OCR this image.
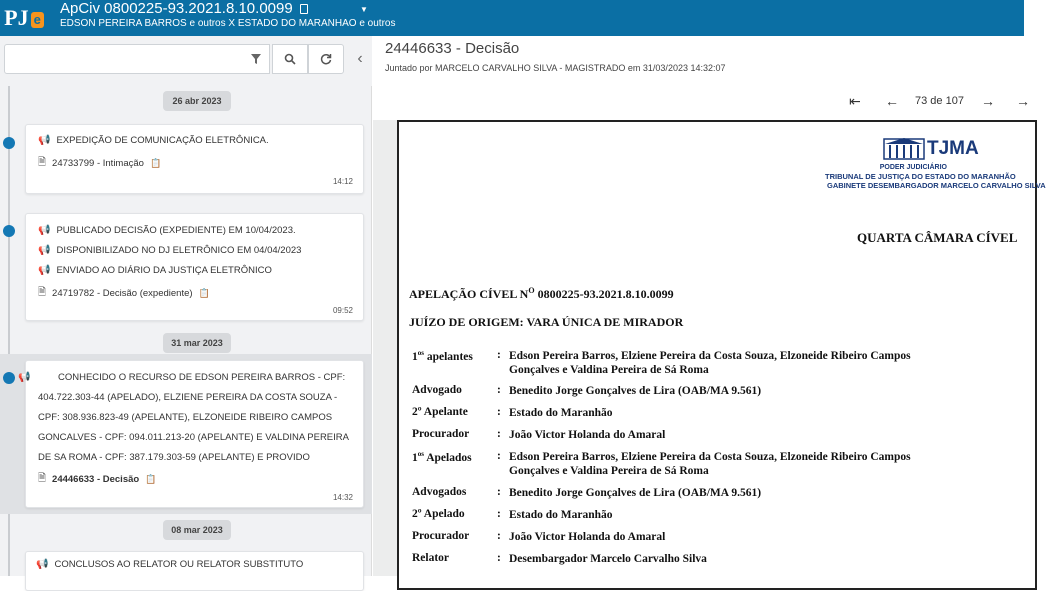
PJ e
ApCiv 0800225-93.2021.8.10.0099
EDSON PEREIRA BARROS e outros X ESTADO DO MARANHAO e outros
▼
‹
26 abr 2023
📢 EXPEDIÇÃO DE COMUNICAÇÃO ELETRÔNICA.
🗎 24733799 - Intimação 📋
14:12
📢 PUBLICADO DECISÃO (EXPEDIENTE) EM 10/04/2023.
📢 DISPONIBILIZADO NO DJ ELETRÔNICO EM 04/04/2023
📢 ENVIADO AO DIÁRIO DA JUSTIÇA ELETRÔNICO
🗎 24719782 - Decisão (expediente) 📋
09:52
31 mar 2023
📢	CONHECIDO O RECURSO DE EDSON PEREIRA BARROS - CPF: 404.722.303-44 (APELADO), ELZIENE PEREIRA DA COSTA SOUZA - CPF: 308.936.823-49 (APELANTE), ELZONEIDE RIBEIRO CAMPOS GONCALVES - CPF: 094.011.213-20 (APELANTE) E VALDINA PEREIRA DE SA ROMA - CPF: 387.179.303-59 (APELANTE) E PROVIDO
🗎 24446633 - Decisão 📋
14:32
08 mar 2023
📢 CONCLUSOS AO RELATOR OU RELATOR SUBSTITUTO
24446633 - Decisão
Juntado por MARCELO CARVALHO SILVA - MAGISTRADO em 31/03/2023 14:32:07
⇤ ← 73 de 107 → →
TJMA
PODER JUDICIÁRIO
TRIBUNAL DE JUSTIÇA DO ESTADO DO MARANHÃO
GABINETE DESEMBARGADOR MARCELO CARVALHO SILVA
QUARTA CÂMARA CÍVEL
APELAÇÃO CÍVEL $N^O$ 0800225-93.2021.8.10.0099
JUÍZO DE ORIGEM: VARA ÚNICA DE MIRADOR
$1^{os}$ apelantes : Edson Pereira Barros, Elziene Pereira da Costa Souza, Elzoneide Ribeiro Campos Gonçalves e Valdina Pereira de Sá Roma
Advogado	: Benedito Jorge Gonçalves de Lira (OAB/MA 9.561)
2º Apelante	: Estado do Maranhão
Procurador : João Victor Holanda do Amaral
$1^{os}$ Apelados : Edson Pereira Barros, Elziene Pereira da Costa Souza, Elzoneide Ribeiro Campos Gonçalves e Valdina Pereira de Sá Roma
Advogados	: Benedito Jorge Gonçalves de Lira (OAB/MA 9.561)
2º Apelado	: Estado do Maranhão
Procurador : João Victor Holanda do Amaral
Relator	: Desembargador Marcelo Carvalho Silva
